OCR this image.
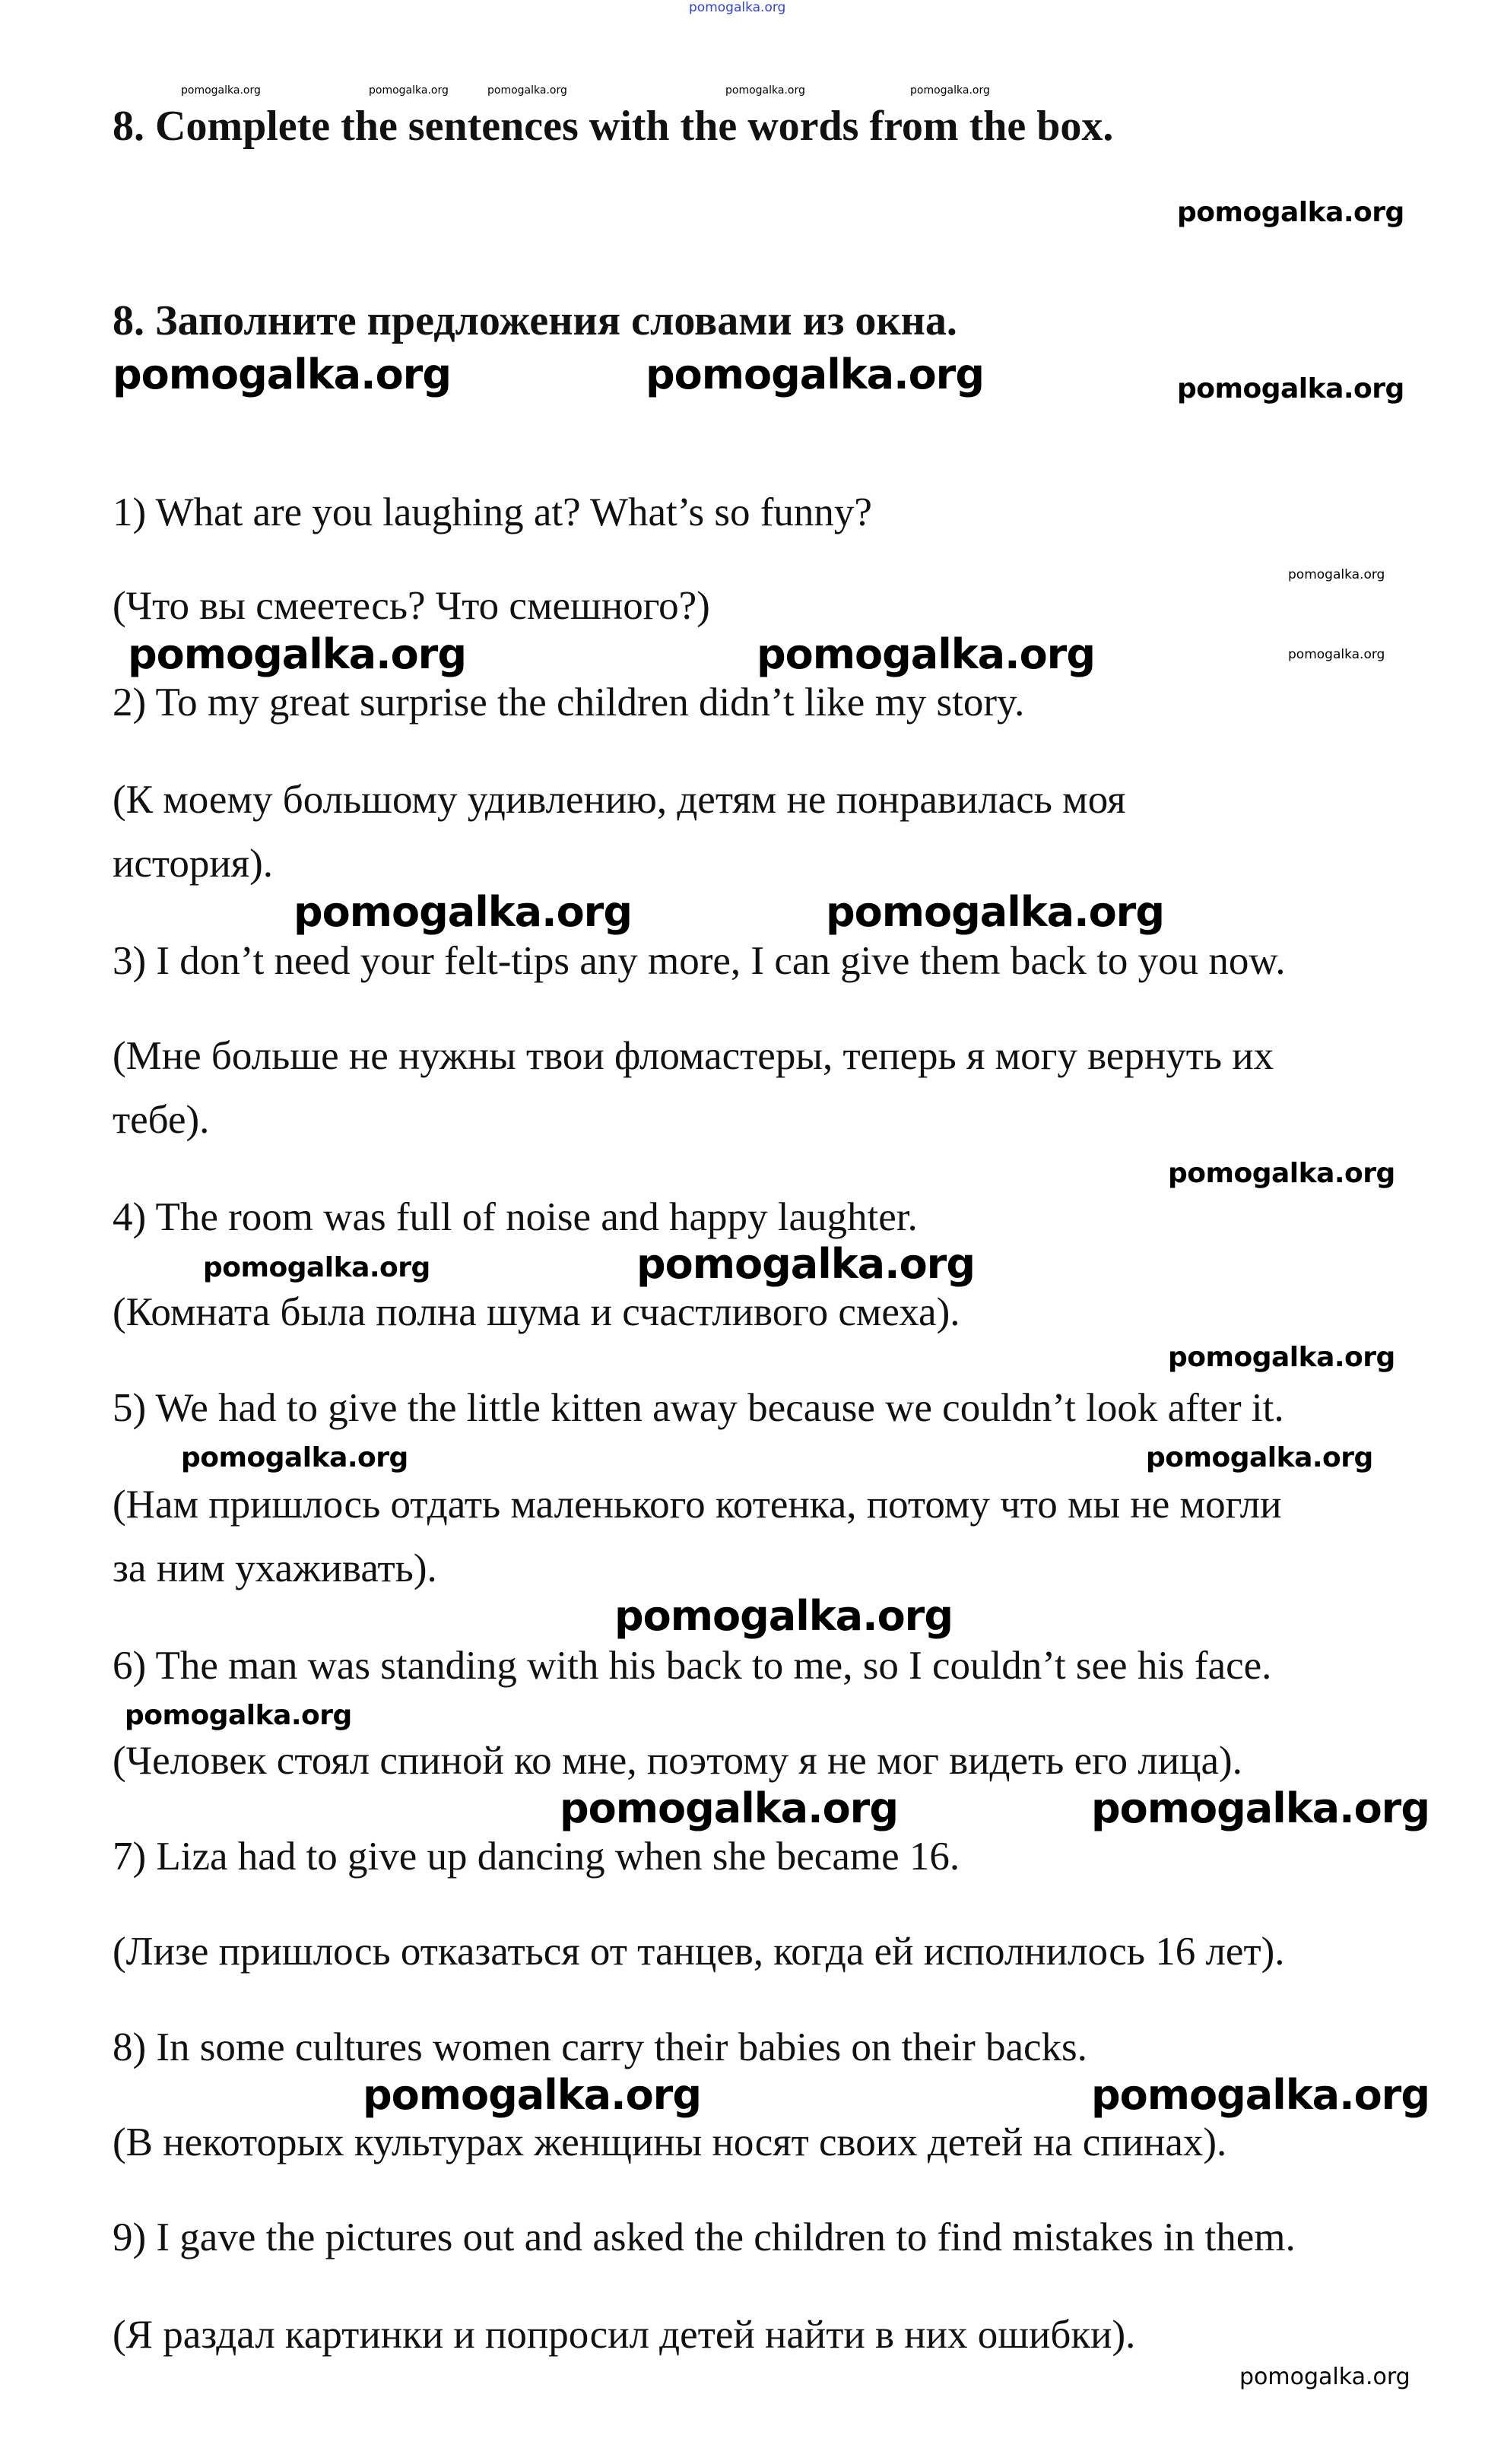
pomogalka.org
pomogalka.org	pomogalka.org	pomogalka.org	pomogalka.org	pomogalka.org
8. Complete the sentences with the words from the box.
pomogalka.org
8. Заполните предложения словами из окна.
pomogalka.org	pomogalka.org	pomogalka.org
1) What are you laughing at? What’s so funny?
pomogalka.org
(Что вы смеетесь? Что смешного?)
pomogalka.org	pomogalka.org	pomogalka.org
2) To my great surprise the children didn’t like my story.
(К моему большому удивлению, детям не понравилась моя
история).
pomogalka.org	pomogalka.org
3) I don’t need your felt-tips any more, I can give them back to you now.
(Мне больше не нужны твои фломастеры, теперь я могу вернуть их
тебе).
pomogalka.org
4) The room was full of noise and happy laughter.
pomogalka.org	pomogalka.org
(Комната была полна шума и счастливого смеха).
pomogalka.org
5) We had to give the little kitten away because we couldn’t look after it.
pomogalka.org	pomogalka.org
(Нам пришлось отдать маленького котенка, потому что мы не могли
за ним ухаживать).
pomogalka.org
6) The man was standing with his back to me, so I couldn’t see his face.
pomogalka.org
(Человек стоял спиной ко мне, поэтому я не мог видеть его лица).
pomogalka.org	pomogalka.org
7) Liza had to give up dancing when she became 16.
(Лизе пришлось отказаться от танцев, когда ей исполнилось 16 лет).
8) In some cultures women carry their babies on their backs.
pomogalka.org	pomogalka.org
(В некоторых культурах женщины носят своих детей на спинах).
9) I gave the pictures out and asked the children to find mistakes in them.
(Я раздал картинки и попросил детей найти в них ошибки).
pomogalka.org
